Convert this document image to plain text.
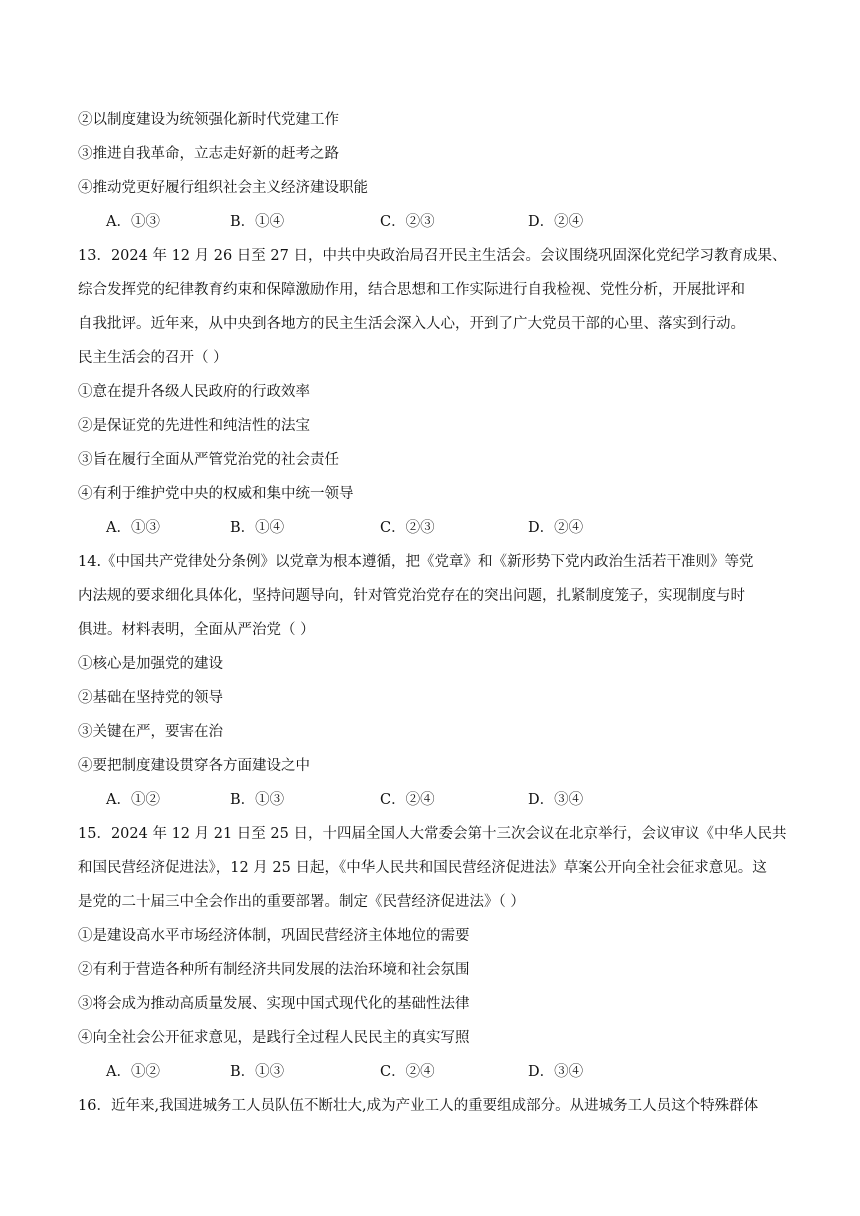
②以制度建设为统领强化新时代党建工作
③推进自我革命，立志走好新的赶考之路
④推动党更好履行组织社会主义经济建设职能
A．①③	B．①④	C．②③	D．②④
13．2024 年 12 月 26 日至 27 日，中共中央政治局召开民主生活会。会议围绕巩固深化党纪学习教育成果、
综合发挥党的纪律教育约束和保障激励作用，结合思想和工作实际进行自我检视、党性分析，开展批评和
自我批评。近年来，从中央到各地方的民主生活会深入人心，开到了广大党员干部的心里、落实到行动。
民主生活会的召开（ ）
①意在提升各级人民政府的行政效率
②是保证党的先进性和纯洁性的法宝
③旨在履行全面从严管党治党的社会责任
④有利于维护党中央的权威和集中统一领导
A．①③	B．①④	C．②③	D．②④
14.《中国共产党律处分条例》以党章为根本遵循，把《党章》和《新形势下党内政治生活若干准则》等党
内法规的要求细化具体化，坚持问题导向，针对管党治党存在的突出问题，扎紧制度笼子，实现制度与时
俱进。材料表明，全面从严治党（ ）
①核心是加强党的建设
②基础在坚持党的领导
③关键在严，要害在治
④要把制度建设贯穿各方面建设之中
A．①②	B．①③	C．②④	D．③④
15．2024 年 12 月 21 日至 25 日，十四届全国人大常委会第十三次会议在北京举行，会议审议《中华人民共
和国民营经济促进法》，12 月 25 日起，《中华人民共和国民营经济促进法》草案公开向全社会征求意见。这
是党的二十届三中全会作出的重要部署。制定《民营经济促进法》（ ）
①是建设高水平市场经济体制，巩固民营经济主体地位的需要
②有利于营造各种所有制经济共同发展的法治环境和社会氛围
③将会成为推动高质量发展、实现中国式现代化的基础性法律
④向全社会公开征求意见，是践行全过程人民民主的真实写照
A．①②	B．①③	C．②④	D．③④
16．近年来,我国进城务工人员队伍不断壮大,成为产业工人的重要组成部分。从进城务工人员这个特殊群体
